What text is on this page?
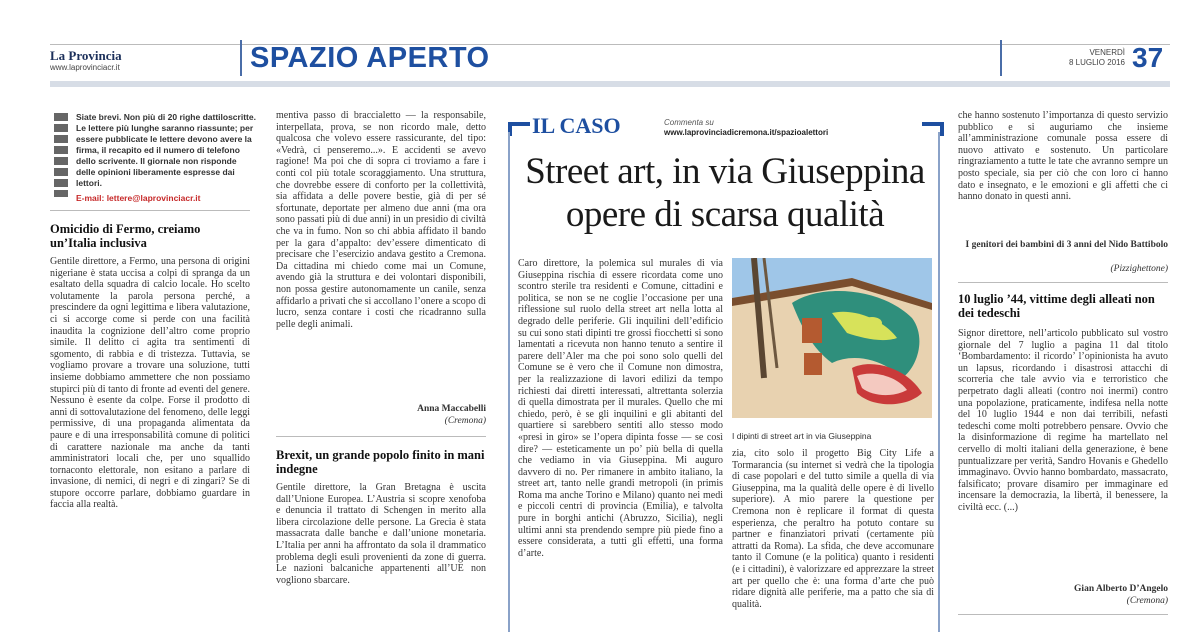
La Provincia
www.laprovinciacr.it	SPAZIO APERTO	VENERDÌ
8 LUGLIO 2016 37
Siate brevi. Non più di 20 righe dattiloscritte. Le lettere più lunghe saranno riassunte; per essere pubblicate le lettere devono avere la firma, il recapito ed il numero di telefono dello scrivente. Il giornale non risponde delle opinioni liberamente espresse dai lettori.
E-mail: lettere@laprovinciacr.it
Omicidio di Fermo, creiamo un’Italia inclusiva
Gentile direttore, a Fermo, una persona di origini nigeriane è stata uccisa a colpi di spranga da un esaltato della squadra di calcio locale. Ho scelto volutamente la parola persona perché, a prescindere da ogni legittima e libera valutazione, ci si accorge come si perde con una facilità inaudita la cognizione dell’altro come proprio simile. Il delitto ci agita tra sentimenti di sgomento, di rabbia e di tristezza. Tuttavia, se vogliamo provare a trovare una soluzione, tutti insieme dobbiamo ammettere che non possiamo stupirci più di tanto di fronte ad eventi del genere. Nessuno è esente da colpe. Forse il prodotto di anni di sottovalutazione del fenomeno, delle leggi permissive, di una propaganda alimentata da paure e di una irresponsabilità comune di politici di carattere nazionale ma anche da tanti amministratori locali che, per uno squallido tornaconto elettorale, non esitano a parlare di invasione, di nemici, di negri e di zingari? Se di stupore occorre parlare, dobbiamo guardare in faccia alla realtà.
mentiva passo di braccialetto — la responsabile, interpellata, prova, se non ricordo male, detto qualcosa che volevo essere rassicurante, del tipo: «Vedrà, ci penseremo...». E accidenti se avevo ragione! Ma poi che di sopra ci troviamo a fare i conti col più totale scoraggiamento. Una struttura, che dovrebbe essere di conforto per la collettività, sia affidata a delle povere bestie, già di per sé sfortunate, deportate per almeno due anni (ma ora sono passati più di due anni) in un presidio di civiltà che va in fumo. Non so chi abbia affidato il bando per la gara d’appalto: dev’essere dimenticato di precisare che l’esercizio andava gestito a Cremona. Da cittadina mi chiedo come mai un Comune, avendo già la struttura e dei volontari disponibili, non possa gestire autonomamente un canile, senza affidarlo a privati che si accollano l’onere a scopo di lucro, senza contare i costi che ricadranno sulla pelle degli animali.
Anna Maccabelli
(Cremona)
Brexit, un grande popolo finito in mani indegne
Gentile direttore, la Gran Bretagna è uscita dall’Unione Europea. L’Austria si scopre xenofoba e denuncia il trattato di Schengen in merito alla libera circolazione delle persone. La Grecia è stata massacrata dalle banche e dall’unione monetaria. L’Italia per anni ha affrontato da sola il drammatico problema degli esuli provenienti da zone di guerra. Le nazioni balcaniche appartenenti all’UE non vogliono sbarcare.
IL CASO	Commenta su
www.laprovinciadicremona.it/spazioalettori
Street art, in via Giuseppina opere di scarsa qualità
Caro direttore, la polemica sul murales di via Giuseppina rischia di essere ricordata come uno scontro sterile tra residenti e Comune, cittadini e politica, se non se ne coglie l’occasione per una riflessione sul ruolo della street art nella lotta al degrado delle periferie. Gli inquilini dell’edificio su cui sono stati dipinti tre grossi fiocchetti si sono lamentati a ricevuta non hanno tenuto a sentire il parere dell’Aler ma che poi sono solo quelli del Comune se è vero che il Comune non dimostra, per la realizzazione di lavori edilizi da tempo richiesti dai diretti interessati, altrettanta solerzia di quella dimostrata per il murales. Quello che mi chiedo, però, è se gli inquilini e gli abitanti del quartiere si sarebbero sentiti allo stesso modo «presi in giro» se l’opera dipinta fosse — se così dire? — esteticamente un po’ più bella di quella che vediamo in via Giuseppina. Mi auguro davvero di no. Per rimanere in ambito italiano, la street art, tanto nelle grandi metropoli (in primis Roma ma anche Torino e Milano) quanto nei medi e piccoli centri di provincia (Emilia), e talvolta pure in borghi antichi (Abruzzo, Sicilia), negli ultimi anni sta prendendo sempre più piede fino a essere considerata, a tutti gli effetti, una forma d’arte.
I dipinti di street art in via Giuseppina
zia, cito solo il progetto Big City Life a Tormarancia (su internet si vedrà che la tipologia di case popolari e del tutto simile a quella di via Giuseppina, ma la qualità delle opere è di livello superiore). A mio parere la questione per Cremona non è replicare il format di questa esperienza, che peraltro ha potuto contare su partner e finanziatori privati (certamente più attratti da Roma). La sfida, che deve accomunare tanto il Comune (e la politica) quanto i residenti (e i cittadini), è valorizzare ed apprezzare la street art per quello che è: una forma d’arte che può ridare dignità alle periferie, ma a patto che sia di qualità.
che hanno sostenuto l’importanza di questo servizio pubblico e si auguriamo che insieme all’amministrazione comunale possa essere di nuovo attivato e sostenuto. Un particolare ringraziamento a tutte le tate che avranno sempre un posto speciale, sia per ciò che con loro ci hanno dato e insegnato, e le emozioni e gli affetti che ci hanno donato in questi anni.
I genitori dei bambini di 3 anni del Nido Battibolo
(Pizzighettone)
10 luglio ’44, vittime degli alleati non dei tedeschi
Signor direttore, nell’articolo pubblicato sul vostro giornale del 7 luglio a pagina 11 dal titolo ‘Bombardamento: il ricordo’ l’opinionista ha avuto un lapsus, ricordando i disastrosi attacchi di scorreria che tale avvio via e terroristico che perpetrato dagli alleati (contro noi inermi) contro una popolazione, praticamente, indifesa nella notte del 10 luglio 1944 e non dai terribili, nefasti tedeschi come molti potrebbero pensare. Ovvio che la disinformazione di regime ha martellato nel cervello di molti italiani della generazione, è bene puntualizzare per verità, Sandro Hovanis e Ghedello immaginavo. Ovvio hanno bombardato, massacrato, falsificato; provare disamiro per immaginare ed incensare la democrazia, la libertà, il benessere, la civiltà ecc. (...)
Gian Alberto D’Angelo
(Cremona)
